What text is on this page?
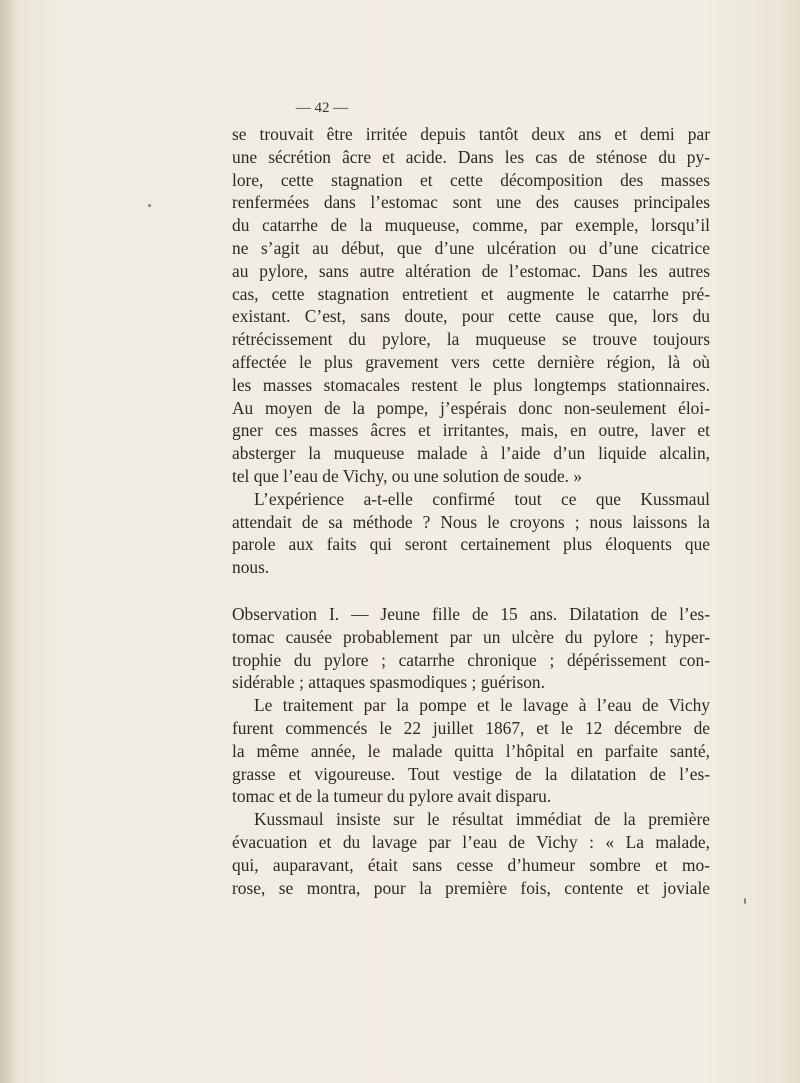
— 42 —

se trouvait être irritée depuis tantôt deux ans et demi par

une sécrétion âcre et acide. Dans les cas de sténose du py-

lore, cette stagnation et cette décomposition des masses

renfermées dans l’estomac sont une des causes principales

du catarrhe de la muqueuse, comme, par exemple, lorsqu’il

ne s’agit au début, que d’une ulcération ou d’une cicatrice

au pylore, sans autre altération de l’estomac. Dans les autres

cas, cette stagnation entretient et augmente le catarrhe pré-

existant. C’est, sans doute, pour cette cause que, lors du

rétrécissement du pylore, la muqueuse se trouve toujours

affectée le plus gravement vers cette dernière région, là où

les masses stomacales restent le plus longtemps stationnaires.

Au moyen de la pompe, j’espérais donc non-seulement éloi-

gner ces masses âcres et irritantes, mais, en outre, laver et

absterger la muqueuse malade à l’aide d’un liquide alcalin,

tel que l’eau de Vichy, ou une solution de soude. »

L’expérience a-t-elle confirmé tout ce que Kussmaul

attendait de sa méthode ? Nous le croyons ; nous laissons la

parole aux faits qui seront certainement plus éloquents que

nous.

Observation I. — Jeune fille de 15 ans. Dilatation de l’es-

tomac causée probablement par un ulcère du pylore ; hyper-

trophie du pylore ; catarrhe chronique ; dépérissement con-

sidérable ; attaques spasmodiques ; guérison.

Le traitement par la pompe et le lavage à l’eau de Vichy

furent commencés le 22 juillet 1867, et le 12 décembre de

la même année, le malade quitta l’hôpital en parfaite santé,

grasse et vigoureuse. Tout vestige de la dilatation de l’es-

tomac et de la tumeur du pylore avait disparu.

Kussmaul insiste sur le résultat immédiat de la première

évacuation et du lavage par l’eau de Vichy : « La malade,

qui, auparavant, était sans cesse d’humeur sombre et mo-

rose, se montra, pour la première fois, contente et joviale
